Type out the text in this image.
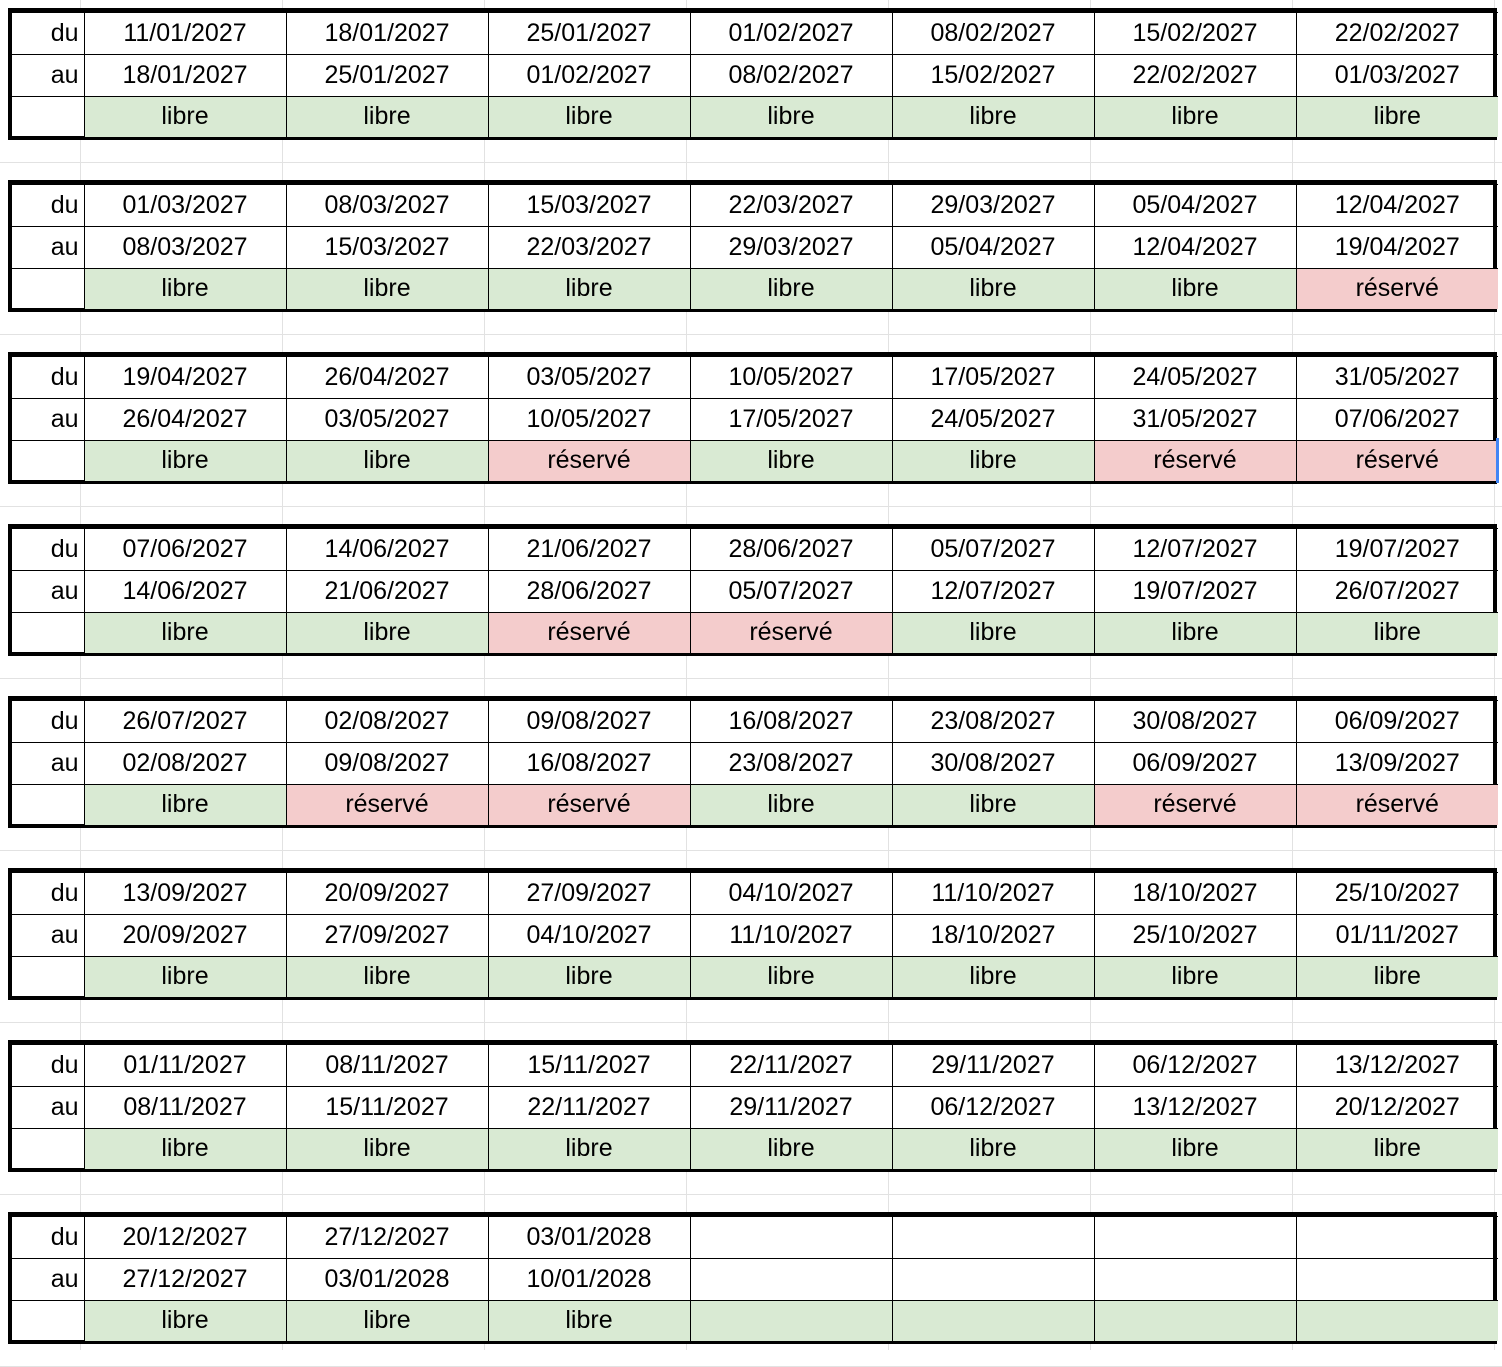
du	11/01/2027	18/01/2027	25/01/2027	01/02/2027	08/02/2027	15/02/2027	22/02/2027
au	18/01/2027	25/01/2027	01/02/2027	08/02/2027	15/02/2027	22/02/2027	01/03/2027
	libre	libre	libre	libre	libre	libre	libre
du	01/03/2027	08/03/2027	15/03/2027	22/03/2027	29/03/2027	05/04/2027	12/04/2027
au	08/03/2027	15/03/2027	22/03/2027	29/03/2027	05/04/2027	12/04/2027	19/04/2027
	libre	libre	libre	libre	libre	libre	réservé
du	19/04/2027	26/04/2027	03/05/2027	10/05/2027	17/05/2027	24/05/2027	31/05/2027
au	26/04/2027	03/05/2027	10/05/2027	17/05/2027	24/05/2027	31/05/2027	07/06/2027
	libre	libre	réservé	libre	libre	réservé	réservé
du	07/06/2027	14/06/2027	21/06/2027	28/06/2027	05/07/2027	12/07/2027	19/07/2027
au	14/06/2027	21/06/2027	28/06/2027	05/07/2027	12/07/2027	19/07/2027	26/07/2027
	libre	libre	réservé	réservé	libre	libre	libre
du	26/07/2027	02/08/2027	09/08/2027	16/08/2027	23/08/2027	30/08/2027	06/09/2027
au	02/08/2027	09/08/2027	16/08/2027	23/08/2027	30/08/2027	06/09/2027	13/09/2027
	libre	réservé	réservé	libre	libre	réservé	réservé
du	13/09/2027	20/09/2027	27/09/2027	04/10/2027	11/10/2027	18/10/2027	25/10/2027
au	20/09/2027	27/09/2027	04/10/2027	11/10/2027	18/10/2027	25/10/2027	01/11/2027
	libre	libre	libre	libre	libre	libre	libre
du	01/11/2027	08/11/2027	15/11/2027	22/11/2027	29/11/2027	06/12/2027	13/12/2027
au	08/11/2027	15/11/2027	22/11/2027	29/11/2027	06/12/2027	13/12/2027	20/12/2027
	libre	libre	libre	libre	libre	libre	libre
du	20/12/2027	27/12/2027	03/01/2028				
au	27/12/2027	03/01/2028	10/01/2028				
	libre	libre	libre				
